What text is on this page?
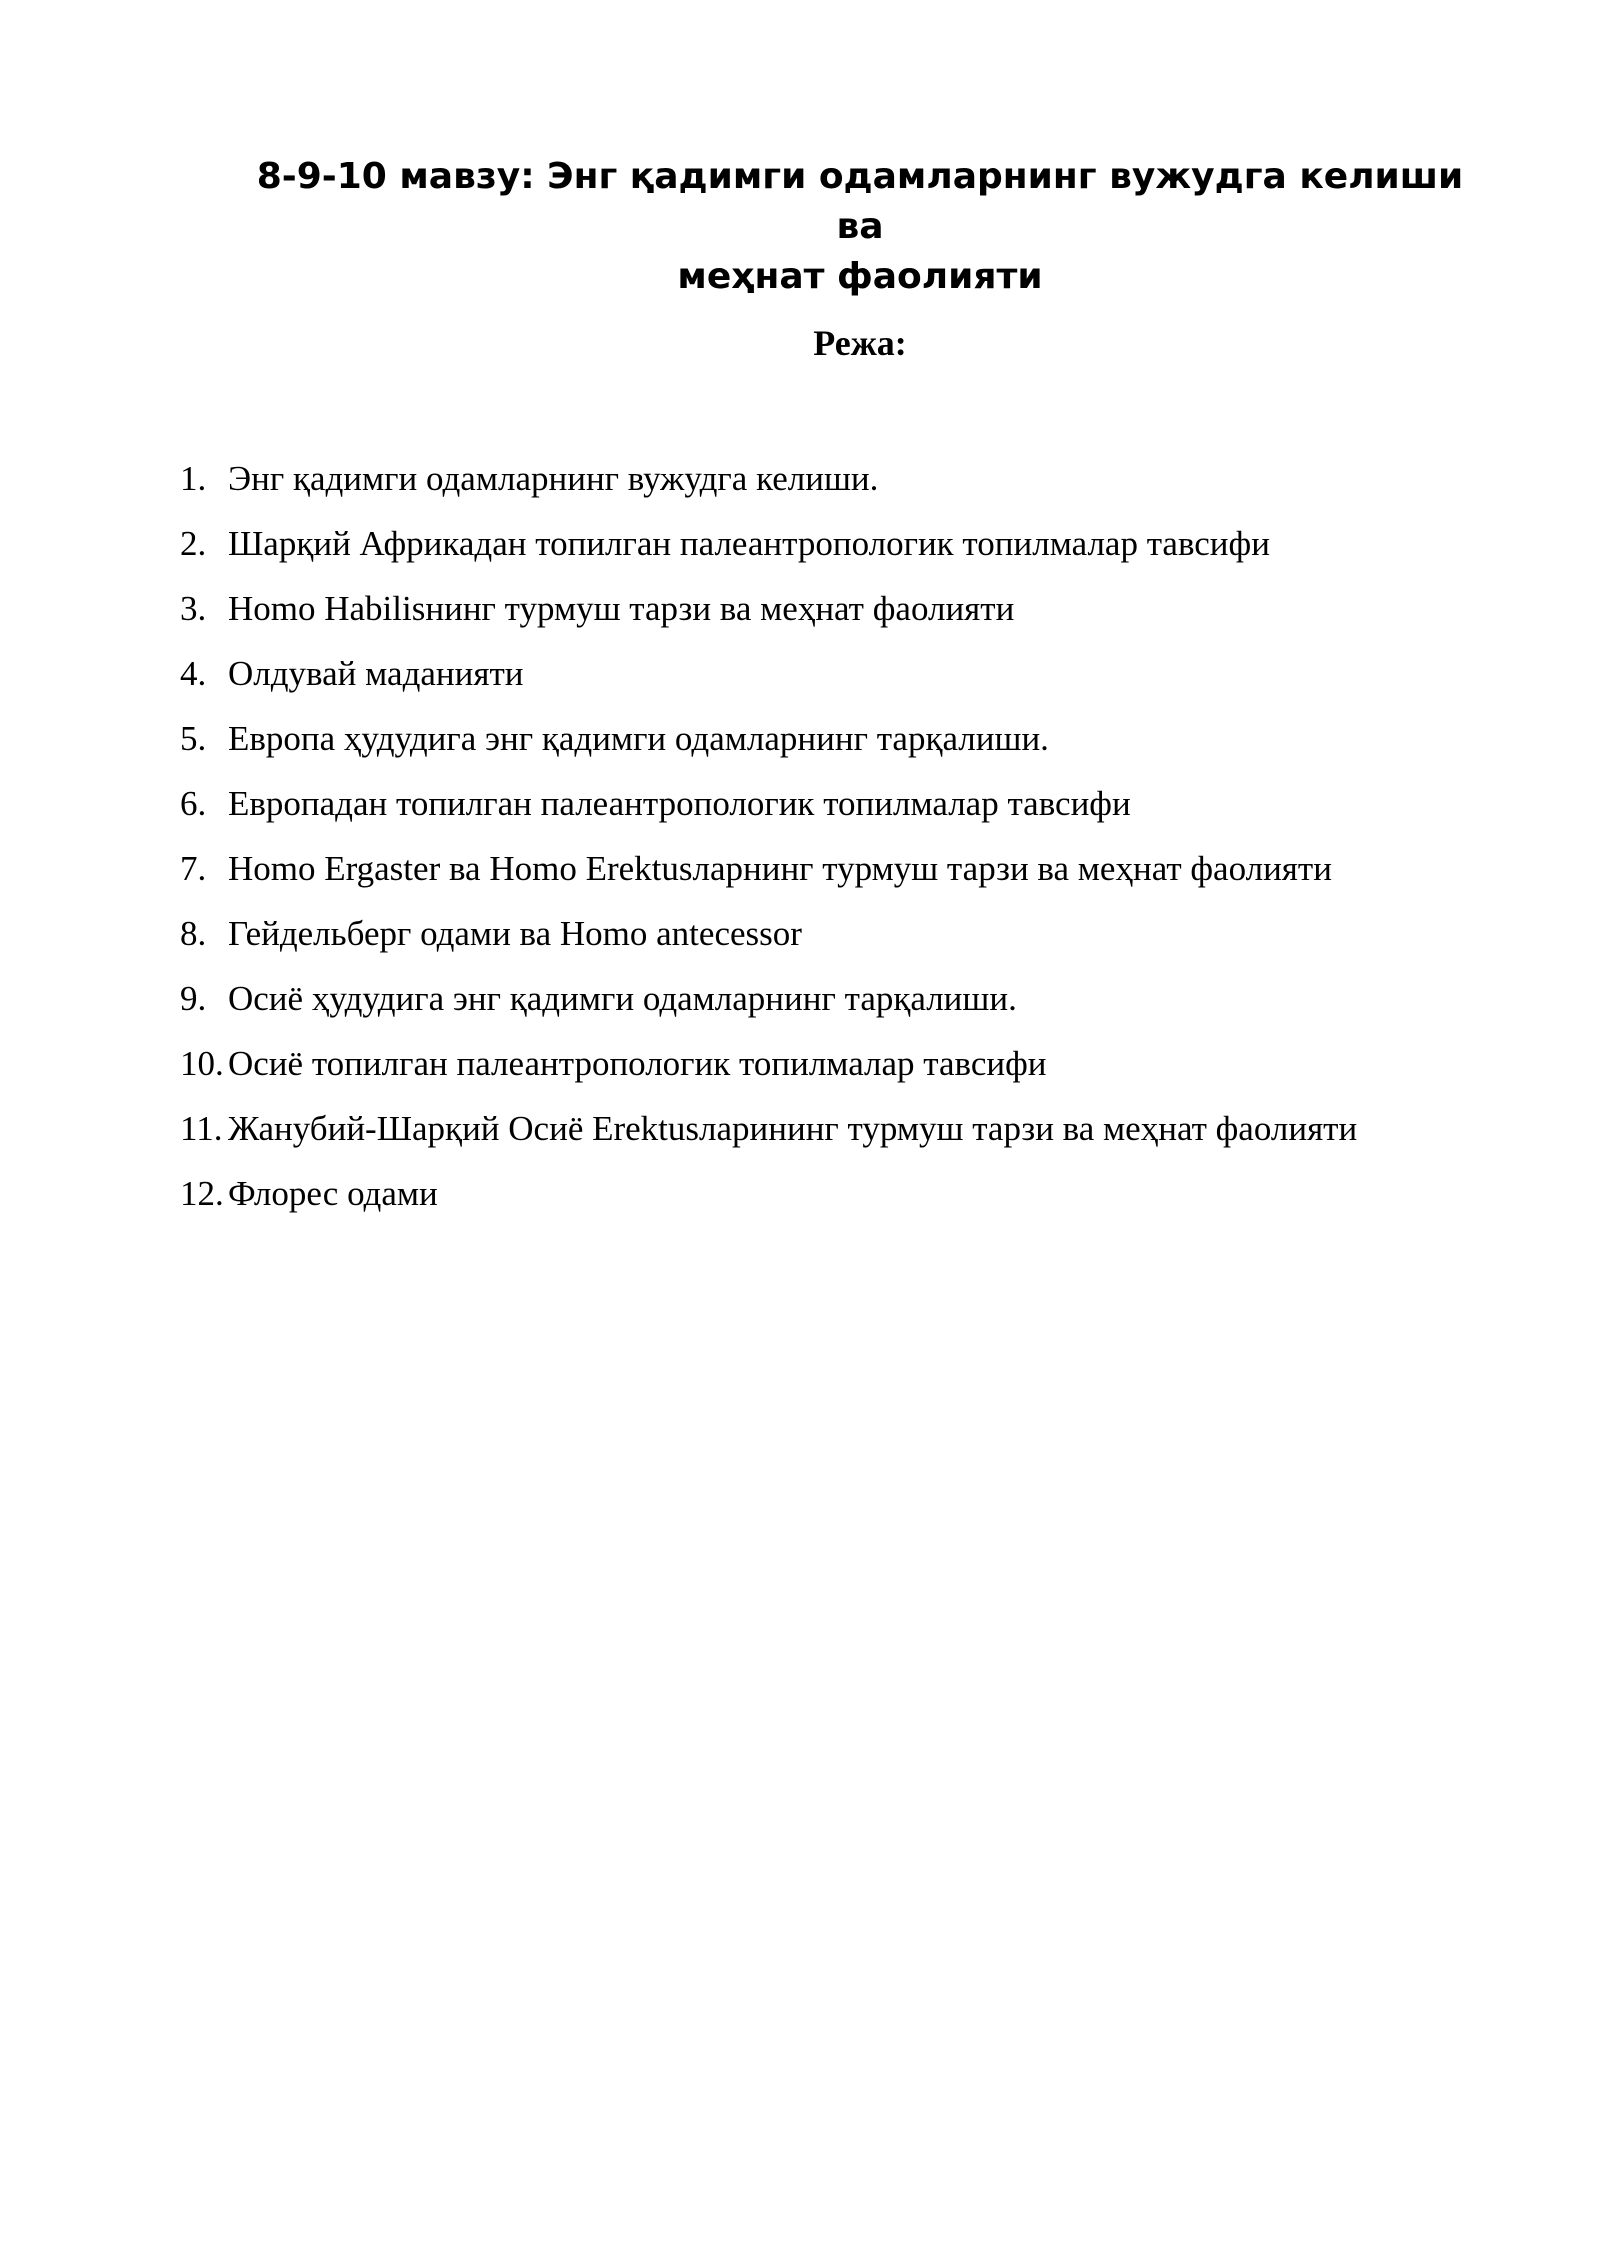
8-9-10 мавзу: Энг қадимги одамларнинг вужудга келиши ва
меҳнат фаолияти
Режа:
1. Энг қадимги одамларнинг вужудга келиши.
2. Шарқий Африкадан топилган палеантропологик топилмалар тавсифи
3. Homo Habilisнинг турмуш тарзи ва меҳнат фаолияти
4. Олдувай маданияти
5. Европа ҳудудига энг қадимги одамларнинг тарқалиши.
6. Европадан топилган палеантропологик топилмалар тавсифи
7. Homo Ergaster ва Homo Erektusларнинг турмуш тарзи ва меҳнат фаолияти
8. Гейдельберг одами ва Homo antecessor
9. Осиё ҳудудига энг қадимги одамларнинг тарқалиши.
10. Осиё топилган палеантропологик топилмалар тавсифи
11. Жанубий-Шарқий Осиё Erektusларининг турмуш тарзи ва меҳнат фаолияти
12. Флорес одами
